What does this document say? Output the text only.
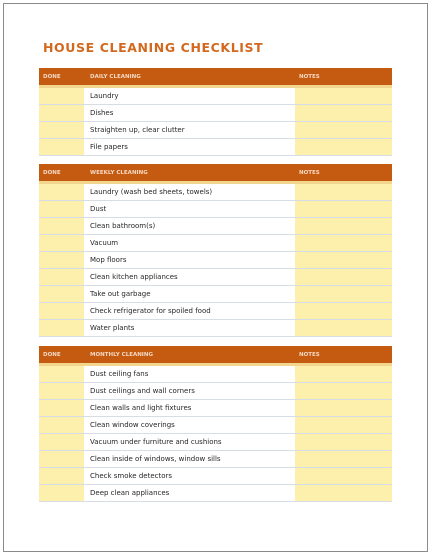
HOUSE CLEANING CHECKLIST
DONE	DAILY CLEANING	NOTES
	Laundry	
	Dishes	
	Straighten up, clear clutter	
	File papers	
DONE	WEEKLY CLEANING	NOTES
	Laundry (wash bed sheets, towels)	
	Dust	
	Clean bathroom(s)	
	Vacuum	
	Mop floors	
	Clean kitchen appliances	
	Take out garbage	
	Check refrigerator for spoiled food	
	Water plants	
DONE	MONTHLY CLEANING	NOTES
	Dust ceiling fans	
	Dust ceilings and wall corners	
	Clean walls and light fixtures	
	Clean window coverings	
	Vacuum under furniture and cushions	
	Clean inside of windows, window sills	
	Check smoke detectors	
	Deep clean appliances	
